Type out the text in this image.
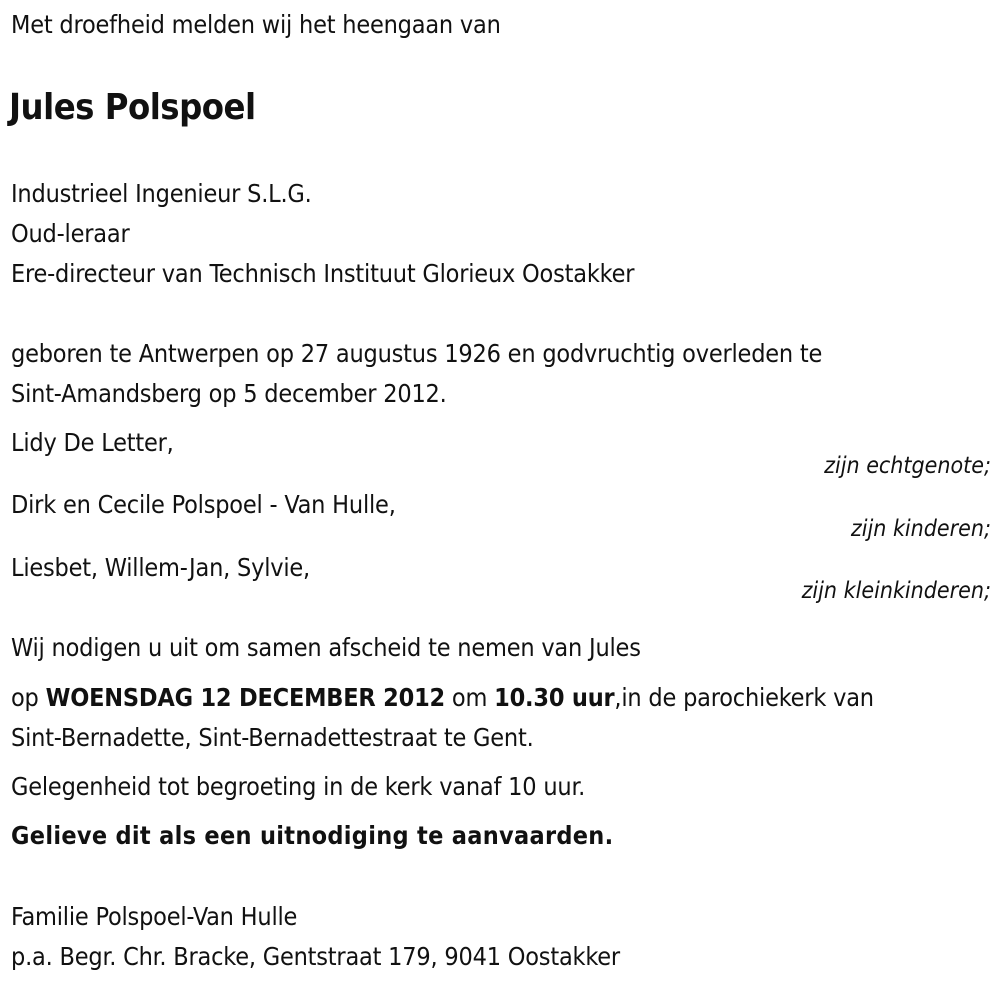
Met droefheid melden wij het heengaan van
Jules Polspoel
Industrieel Ingenieur S.L.G.
Oud-leraar
Ere-directeur van Technisch Instituut Glorieux Oostakker
geboren te Antwerpen op 27 augustus 1926 en godvruchtig overleden te
Sint-Amandsberg op 5 december 2012.
Lidy De Letter,
zijn echtgenote;
Dirk en Cecile Polspoel - Van Hulle,
zijn kinderen;
Liesbet, Willem-Jan, Sylvie,
zijn kleinkinderen;
Wij nodigen u uit om samen afscheid te nemen van Jules
op WOENSDAG 12 DECEMBER 2012 om 10.30 uur,in de parochiekerk van
Sint-Bernadette, Sint-Bernadettestraat te Gent.
Gelegenheid tot begroeting in de kerk vanaf 10 uur.
Gelieve dit als een uitnodiging te aanvaarden.
Familie Polspoel-Van Hulle
p.a. Begr. Chr. Bracke, Gentstraat 179, 9041 Oostakker
